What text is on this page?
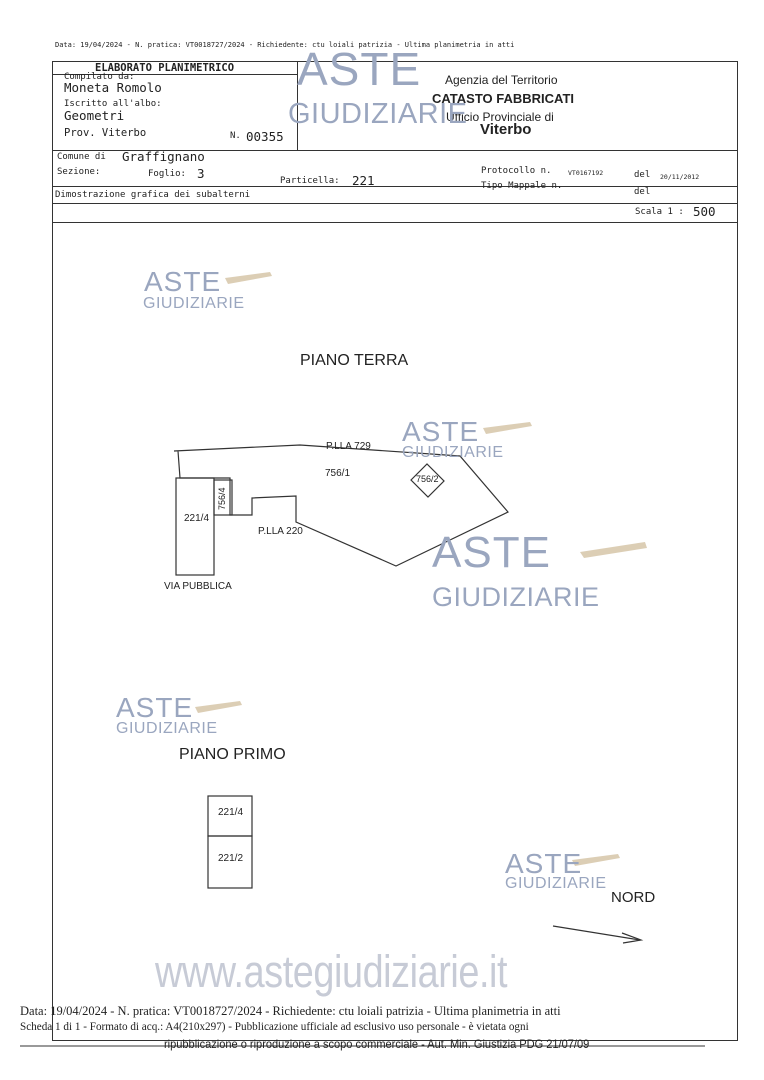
Data: 19/04/2024 - N. pratica: VT0018727/2024 - Richiedente: ctu loiali patrizia - Ultima planimetria in atti
ELABORATO PLANIMETRICO
Compilato da:
Moneta Romolo
Iscritto all'albo:
Geometri
Prov. Viterbo	N. 00355
Agenzia del Territorio
CATASTO FABBRICATI
Ufficio Provinciale di
Viterbo
Comune di Graffignano
Sezione:	Foglio: 3	Particella: 221
Protocollo n.	VT0167192	del 20/11/2012
Tipo Mappale n.
del
Dimostrazione grafica dei subalterni
Scala 1 : 500
PIANO TERRA
P.LLA 729
756/1	756/2
756/4
221/4
P.LLA 220
VIA PUBBLICA
PIANO PRIMO
221/4
221/2
NORD
ASTE
GIUDIZIARIE
ASTE
GIUDIZIARIE
ASTE
GIUDIZIARIE
ASTE
GIUDIZIARIE
ASTE
GIUDIZIARIE
ASTE
GIUDIZIARIE
www.astegiudiziarie.it
Data: 19/04/2024 - N. pratica: VT0018727/2024 - Richiedente: ctu loiali patrizia - Ultima planimetria in atti
Scheda 1 di 1 - Formato di acq.: A4(210x297) - Pubblicazione ufficiale ad esclusivo uso personale - è vietata ogni
ripubblicazione o riproduzione a scopo commerciale - Aut. Min. Giustizia PDG 21/07/09
